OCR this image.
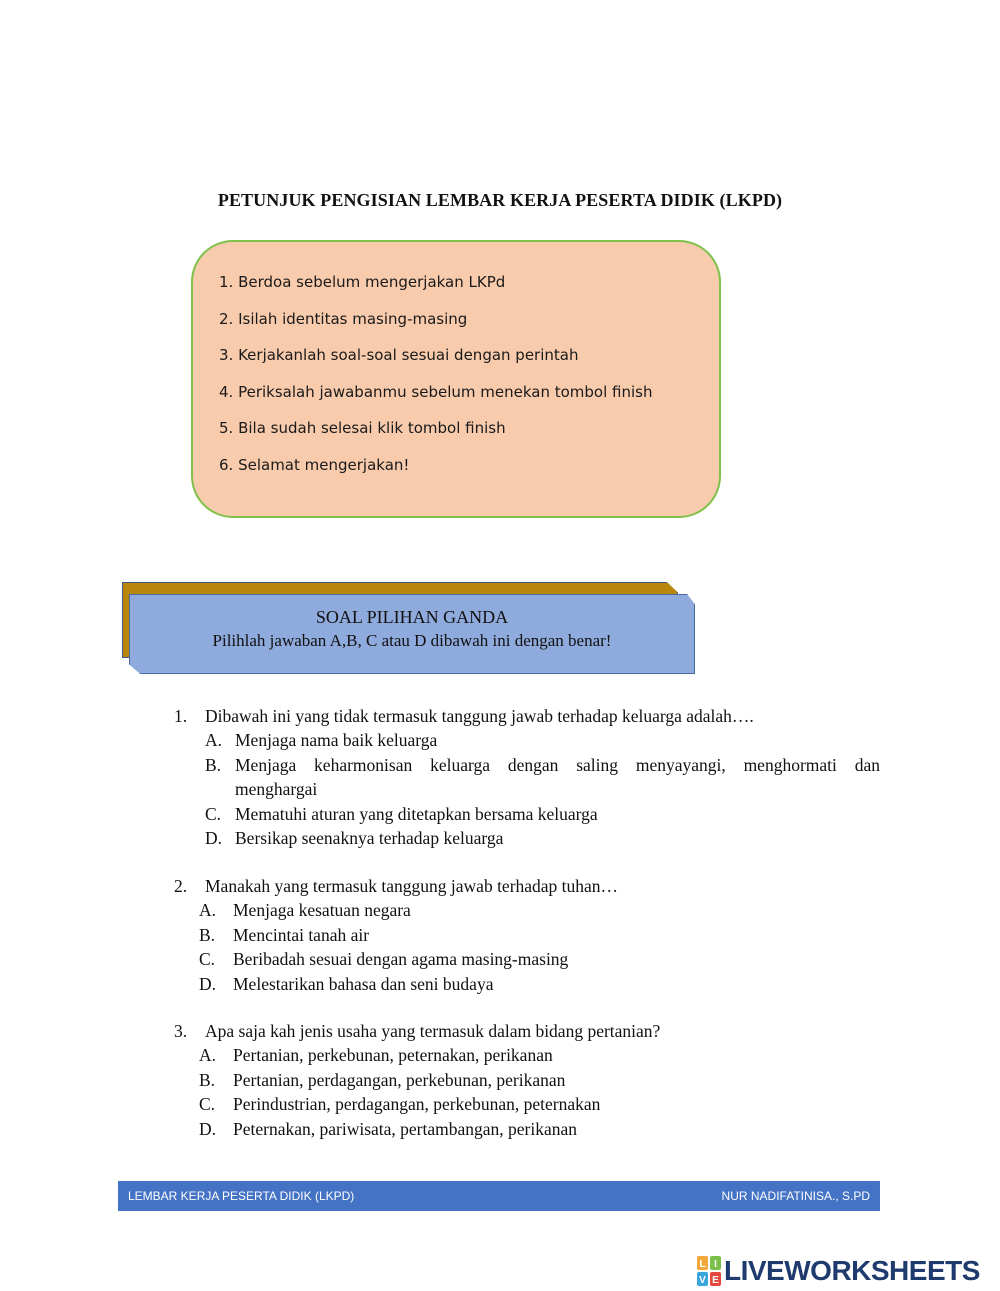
PETUNJUK PENGISIAN LEMBAR KERJA PESERTA DIDIK (LKPD)
1. Berdoa sebelum mengerjakan LKPd
2. Isilah identitas masing-masing
3. Kerjakanlah soal-soal sesuai dengan perintah
4. Periksalah jawabanmu sebelum menekan tombol finish
5. Bila sudah selesai klik tombol finish
6. Selamat mengerjakan!
SOAL PILIHAN GANDA
Pilihlah jawaban A,B, C atau D dibawah ini dengan benar!
1. Dibawah ini yang tidak termasuk tanggung jawab terhadap keluarga adalah….
A. Menjaga nama baik keluarga
B. Menjaga keharmonisan keluarga dengan saling menyayangi, menghormati dan
menghargai
C. Mematuhi aturan yang ditetapkan bersama keluarga
D. Bersikap seenaknya terhadap keluarga
2. Manakah yang termasuk tanggung jawab terhadap tuhan…
A. Menjaga kesatuan negara
B.	Mencintai tanah air
C.	Beribadah sesuai dengan agama masing-masing
D. Melestarikan bahasa dan seni budaya
3. Apa saja kah jenis usaha yang termasuk dalam bidang pertanian?
A. Pertanian, perkebunan, peternakan, perikanan
B.	Pertanian, perdagangan, perkebunan, perikanan
C.	Perindustrian, perdagangan, perkebunan, peternakan
D. Peternakan, pariwisata, pertambangan, perikanan
LEMBAR KERJA PESERTA DIDIK (LKPD)	NUR NADIFATINISA., S.PD
L I
V E LIVEWORKSHEETS
